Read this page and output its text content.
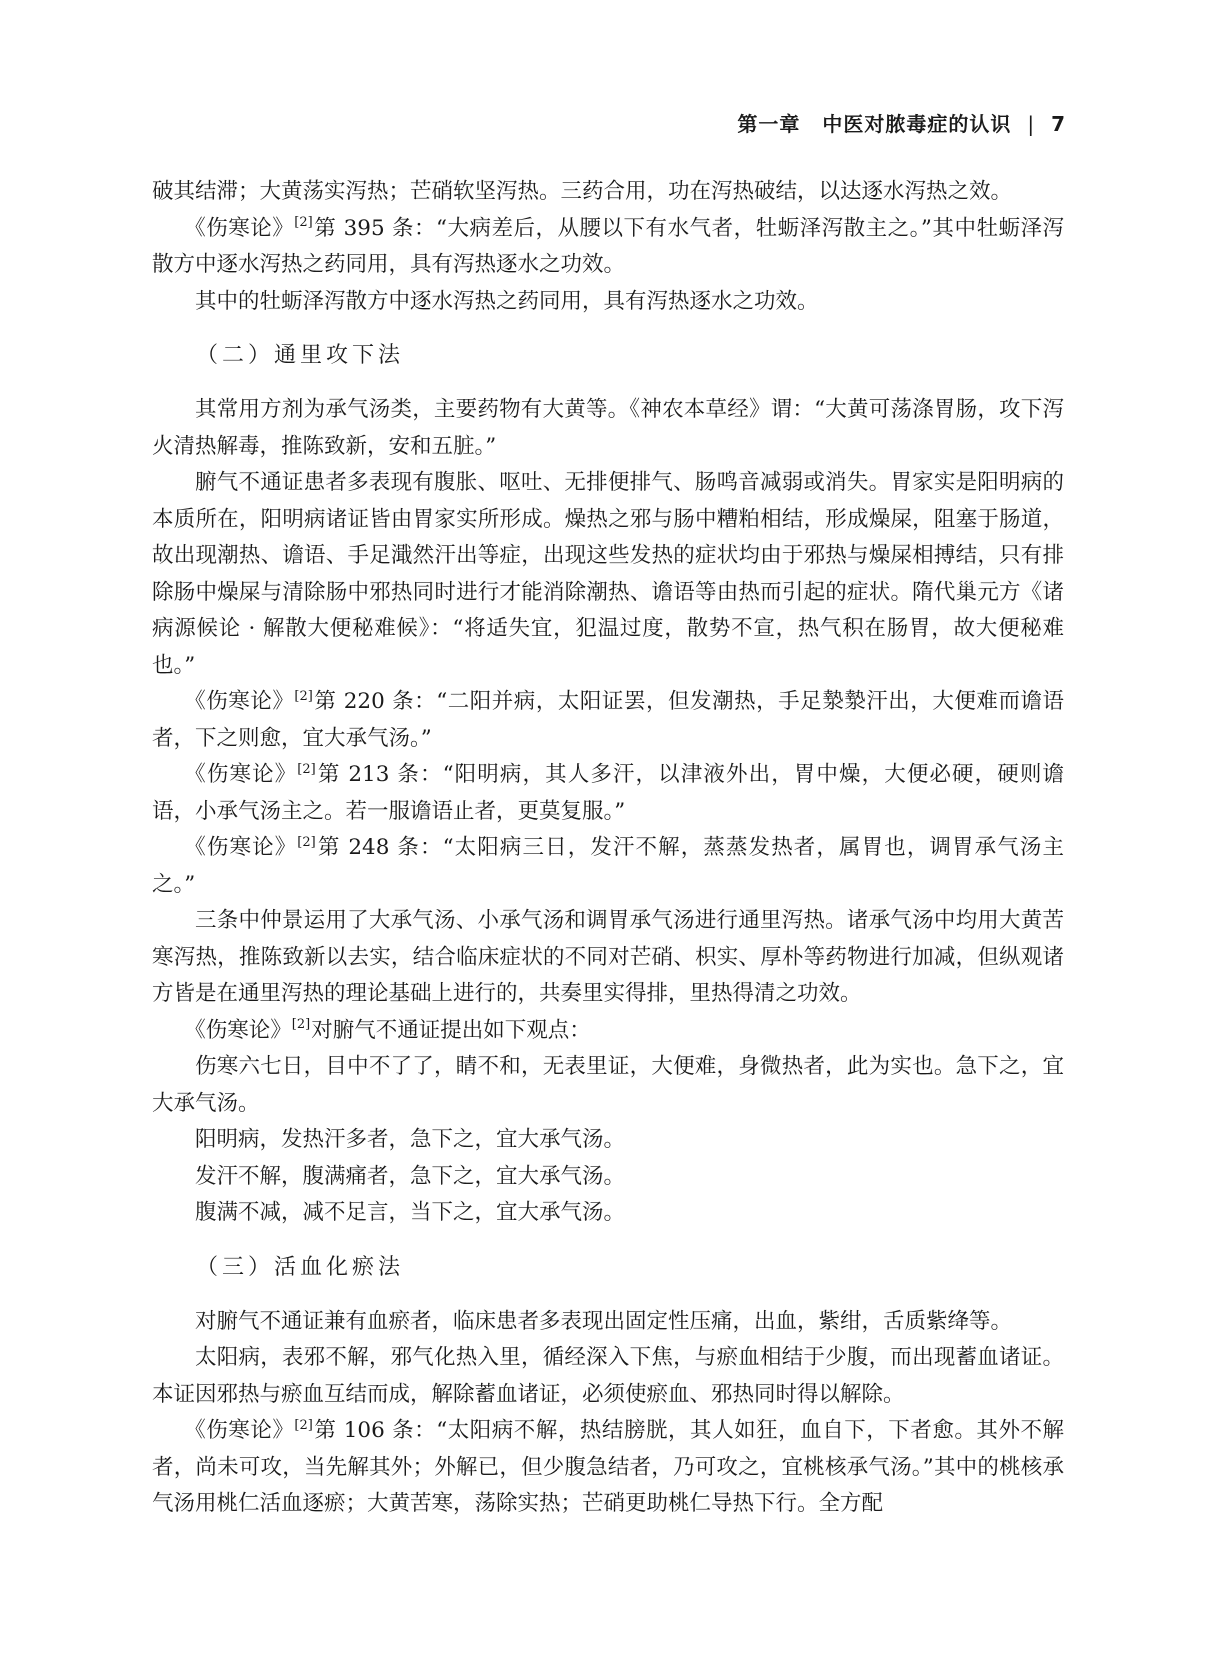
第一章 中医对脓毒症的认识 | 7

破其结滞；大黄荡实泻热；芒硝软坚泻热。三药合用，功在泻热破结，以达逐水泻热之效。

《伤寒论》[2]第 395 条：“大病差后，从腰以下有水气者，牡蛎泽泻散主之。”其中牡蛎泽泻散方中逐水泻热之药同用，具有泻热逐水之功效。

其中的牡蛎泽泻散方中逐水泻热之药同用，具有泻热逐水之功效。

（二）通里攻下法

其常用方剂为承气汤类，主要药物有大黄等。《神农本草经》谓：“大黄可荡涤胃肠，攻下泻火清热解毒，推陈致新，安和五脏。”

腑气不通证患者多表现有腹胀、呕吐、无排便排气、肠鸣音减弱或消失。胃家实是阳明病的本质所在，阳明病诸证皆由胃家实所形成。燥热之邪与肠中糟粕相结，形成燥屎，阻塞于肠道，故出现潮热、谵语、手足濈然汗出等症，出现这些发热的症状均由于邪热与燥屎相搏结，只有排除肠中燥屎与清除肠中邪热同时进行才能消除潮热、谵语等由热而引起的症状。隋代巢元方《诸病源候论 · 解散大便秘难候》：“将适失宜，犯温过度，散势不宣，热气积在肠胃，故大便秘难也。”

《伤寒论》[2]第 220 条：“二阳并病，太阳证罢，但发潮热，手足漐漐汗出，大便难而谵语者，下之则愈，宜大承气汤。”

《伤寒论》[2]第 213 条：“阳明病，其人多汗，以津液外出，胃中燥，大便必硬，硬则谵语，小承气汤主之。若一服谵语止者，更莫复服。”

《伤寒论》[2]第 248 条：“太阳病三日，发汗不解，蒸蒸发热者，属胃也，调胃承气汤主之。”

三条中仲景运用了大承气汤、小承气汤和调胃承气汤进行通里泻热。诸承气汤中均用大黄苦寒泻热，推陈致新以去实，结合临床症状的不同对芒硝、枳实、厚朴等药物进行加减，但纵观诸方皆是在通里泻热的理论基础上进行的，共奏里实得排，里热得清之功效。

《伤寒论》[2]对腑气不通证提出如下观点：

伤寒六七日，目中不了了，睛不和，无表里证，大便难，身微热者，此为实也。急下之，宜大承气汤。

阳明病，发热汗多者，急下之，宜大承气汤。

发汗不解，腹满痛者，急下之，宜大承气汤。

腹满不减，减不足言，当下之，宜大承气汤。

（三）活血化瘀法

对腑气不通证兼有血瘀者，临床患者多表现出固定性压痛，出血，紫绀，舌质紫绛等。

太阳病，表邪不解，邪气化热入里，循经深入下焦，与瘀血相结于少腹，而出现蓄血诸证。本证因邪热与瘀血互结而成，解除蓄血诸证，必须使瘀血、邪热同时得以解除。

《伤寒论》[2]第 106 条：“太阳病不解，热结膀胱，其人如狂，血自下，下者愈。其外不解者，尚未可攻，当先解其外；外解已，但少腹急结者，乃可攻之，宜桃核承气汤。”其中的桃核承气汤用桃仁活血逐瘀；大黄苦寒，荡除实热；芒硝更助桃仁导热下行。全方配
